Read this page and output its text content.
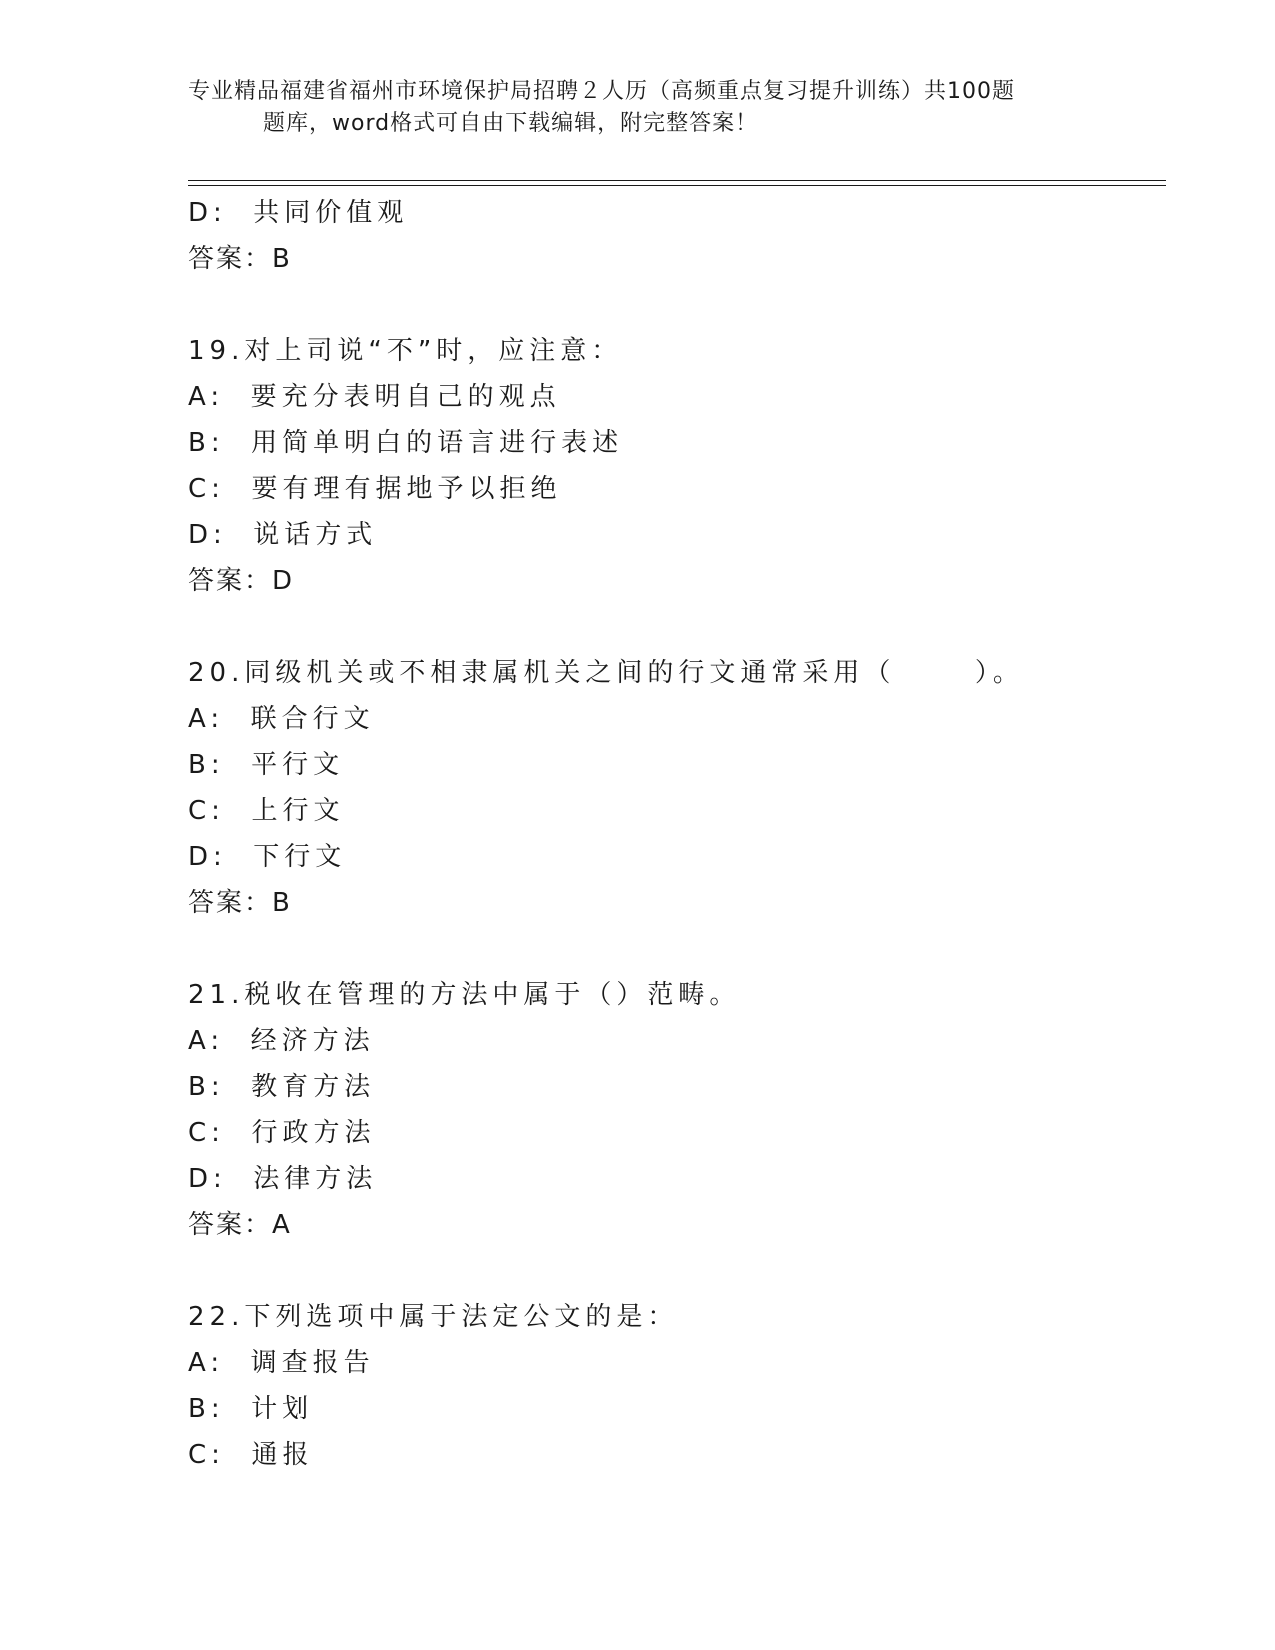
专业精品福建省福州市环境保护局招聘２人历（高频重点复习提升训练）共100题
题库，word格式可自由下载编辑，附完整答案！
D:  共同价值观
答案：B
19.对上司说“不”时，应注意：
A:  要充分表明自己的观点
B:  用简单明白的语言进行表述
C:  要有理有据地予以拒绝
D:  说话方式
答案：D
20.同级机关或不相隶属机关之间的行文通常采用（      ）。
A:  联合行文
B:  平行文
C:  上行文
D:  下行文
答案：B
21.税收在管理的方法中属于（）范畴。
A:  经济方法
B:  教育方法
C:  行政方法
D:  法律方法
答案：A
22.下列选项中属于法定公文的是：
A:  调查报告
B:  计划
C:  通报
